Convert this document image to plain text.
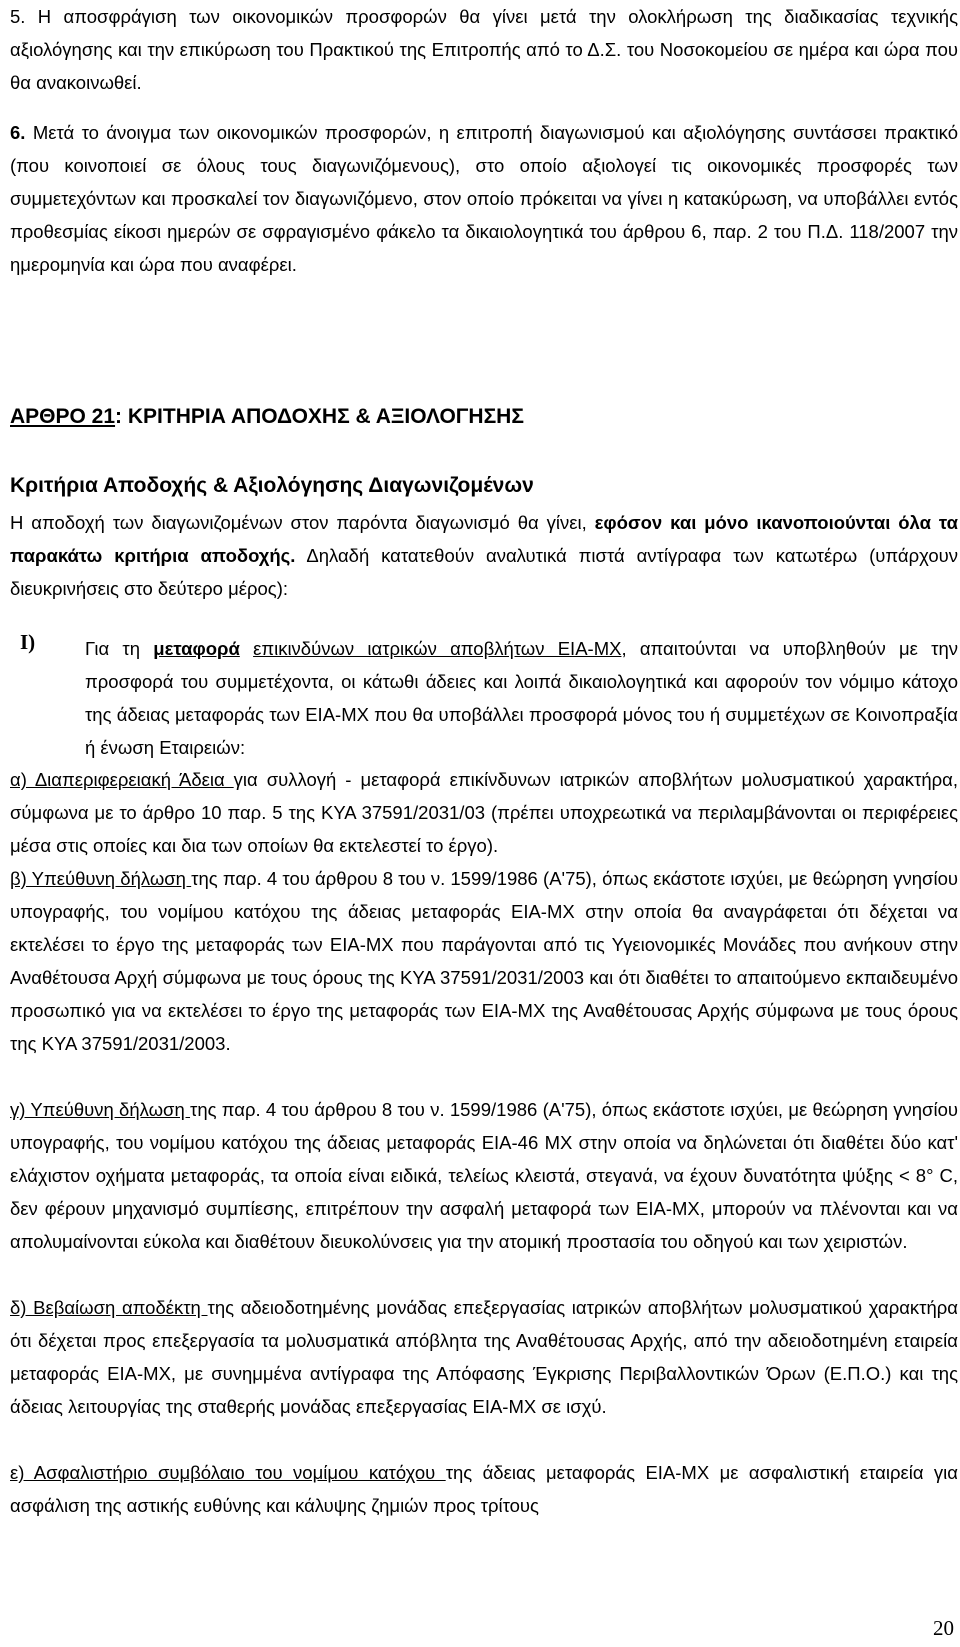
5. Η αποσφράγιση των οικονομικών προσφορών θα γίνει μετά την ολοκλήρωση της διαδικασίας τεχνικής αξιολόγησης και την επικύρωση του Πρακτικού της Επιτροπής από το Δ.Σ. του Νοσοκομείου σε ημέρα και ώρα που θα ανακοινωθεί.

6. Μετά το άνοιγμα των οικονομικών προσφορών, η επιτροπή διαγωνισμού και αξιολόγησης συντάσσει πρακτικό (που κοινοποιεί σε όλους τους διαγωνιζόμενους), στο οποίο αξιολογεί τις οικονομικές προσφορές των συμμετεχόντων και προσκαλεί τον διαγωνιζόμενο, στον οποίο πρόκειται να γίνει η κατακύρωση, να υποβάλλει εντός προθεσμίας είκοσι ημερών σε σφραγισμένο φάκελο τα δικαιολογητικά του άρθρου 6, παρ. 2 του Π.Δ. 118/2007 την ημερομηνία και ώρα που αναφέρει.

ΑΡΘΡΟ 21: ΚΡΙΤΗΡΙΑ ΑΠΟΔΟΧΗΣ & ΑΞΙΟΛΟΓΗΣΗΣ
Κριτήρια Αποδοχής & Αξιολόγησης Διαγωνιζομένων

Η αποδοχή των διαγωνιζομένων στον παρόντα διαγωνισμό θα γίνει, εφόσον και μόνο ικανοποιούνται όλα τα παρακάτω κριτήρια αποδοχής. Δηλαδή κατατεθούν αναλυτικά πιστά αντίγραφα των κατωτέρω (υπάρχουν διευκρινήσεις στο δεύτερο μέρος):

Ι)	Για τη μεταφορά επικινδύνων ιατρικών αποβλήτων ΕΙΑ-ΜΧ, απαιτούνται να υποβληθούν με την προσφορά του συμμετέχοντα, οι κάτωθι άδειες και λοιπά δικαιολογητικά και αφορούν τον νόμιμο κάτοχο της άδειας μεταφοράς των ΕΙΑ-ΜΧ που θα υποβάλλει προσφορά μόνος του ή συμμετέχων σε Κοινοπραξία ή ένωση Εταιρειών:

α) Διαπεριφερειακή Άδεια για συλλογή - μεταφορά επικίνδυνων ιατρικών αποβλήτων μολυσματικού χαρακτήρα, σύμφωνα με το άρθρο 10 παρ. 5 της ΚΥΑ 37591/2031/03 (πρέπει υποχρεωτικά να περιλαμβάνονται οι περιφέρειες μέσα στις οποίες και δια των οποίων θα εκτελεστεί το έργο).

β) Υπεύθυνη δήλωση της παρ. 4 του άρθρου 8 του ν. 1599/1986 (Α'75), όπως εκάστοτε ισχύει, με θεώρηση γνησίου υπογραφής, του νομίμου κατόχου της άδειας μεταφοράς ΕΙΑ-ΜΧ στην οποία θα αναγράφεται ότι δέχεται να εκτελέσει το έργο της μεταφοράς των ΕΙΑ-ΜΧ που παράγονται από τις Υγειονομικές Μονάδες που ανήκουν στην Αναθέτουσα Αρχή σύμφωνα με τους όρους της ΚΥΑ 37591/2031/2003 και ότι διαθέτει το απαιτούμενο εκπαιδευμένο προσωπικό για να εκτελέσει το έργο της μεταφοράς των ΕΙΑ-ΜΧ της Αναθέτουσας Αρχής σύμφωνα με τους όρους της ΚΥΑ 37591/2031/2003.

γ) Υπεύθυνη δήλωση της παρ. 4 του άρθρου 8 του ν. 1599/1986 (Α'75), όπως εκάστοτε ισχύει, με θεώρηση γνησίου υπογραφής, του νομίμου κατόχου της άδειας μεταφοράς ΕΙΑ-46 ΜΧ στην οποία να δηλώνεται ότι διαθέτει δύο κατ' ελάχιστον οχήματα μεταφοράς, τα οποία είναι ειδικά, τελείως κλειστά, στεγανά, να έχουν δυνατότητα ψύξης < 8° C, δεν φέρουν μηχανισμό συμπίεσης, επιτρέπουν την ασφαλή μεταφορά των ΕΙΑ-ΜΧ, μπορούν να πλένονται και να απολυμαίνονται εύκολα και διαθέτουν διευκολύνσεις για την ατομική προστασία του οδηγού και των χειριστών.

δ) Βεβαίωση αποδέκτη της αδειοδοτημένης μονάδας επεξεργασίας ιατρικών αποβλήτων μολυσματικού χαρακτήρα ότι δέχεται προς επεξεργασία τα μολυσματικά απόβλητα της Αναθέτουσας Αρχής, από την αδειοδοτημένη εταιρεία μεταφοράς ΕΙΑ-ΜΧ, με συνημμένα αντίγραφα της Απόφασης Έγκρισης Περιβαλλοντικών Όρων (Ε.Π.Ο.) και της άδειας λειτουργίας της σταθερής μονάδας επεξεργασίας ΕΙΑ-ΜΧ σε ισχύ.

ε) Ασφαλιστήριο συμβόλαιο του νομίμου κατόχου της άδειας μεταφοράς ΕΙΑ-ΜΧ με ασφαλιστική εταιρεία για ασφάλιση της αστικής ευθύνης και κάλυψης ζημιών προς τρίτους

20
